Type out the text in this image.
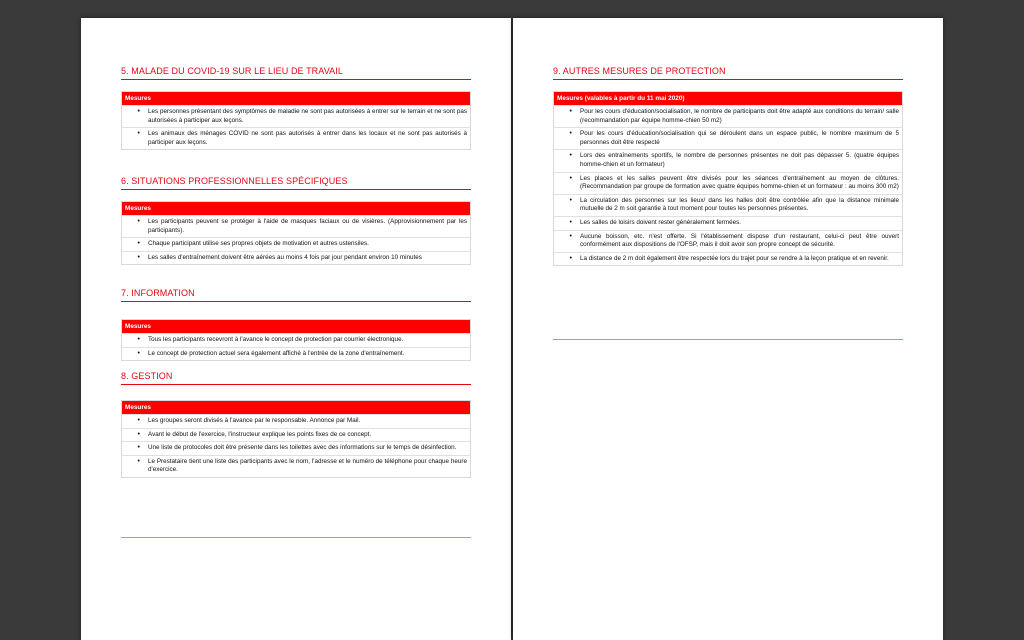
5. MALADE DU COVID-19 SUR LE LIEU DE TRAVAIL
Mesures
•	Les personnes présentant des symptômes de maladie ne sont pas autorisées à entrer sur le terrain et ne sont pas autorisées à participer aux leçons.
•	Les animaux des ménages COVID ne sont pas autorisés à entrer dans les locaux et ne sont pas autorisés à participer aux leçons.
6. SITUATIONS PROFESSIONNELLES SPÉCIFIQUES
Mesures
•	Les participants peuvent se protéger à l'aide de masques faciaux ou de visières. (Approvisionnement par les participants).
•	Chaque participant utilise ses propres objets de motivation et autres ustensiles.
•	Les salles d'entraînement doivent être aérées au moins 4 fois par jour pendant environ 10 minutes
7. INFORMATION
Mesures
•	Tous les participants recevront à l'avance le concept de protection par courrier électronique.
•	Le concept de protection actuel sera également affiché à l'entrée de la zone d'entraînement.
8. GESTION
Mesures
•	Les groupes seront divisés à l'avance par le responsable. Annonce par Mail.
•	Avant le début de l'exercice, l'instructeur explique les points fixes de ce concept.
•	Une liste de protocoles doit être présente dans les toilettes avec des informations sur le temps de désinfection.
•	Le Prestataire tient une liste des participants avec le nom, l'adresse et le numéro de téléphone pour chaque heure d'exercice.
9. AUTRES MESURES DE PROTECTION
Mesures (valables à partir du 11 mai 2020)
•	Pour les cours d'éducation/socialisation, le nombre de participants doit être adapté aux conditions du terrain/ salle (recommandation par équipe homme-chien 50 m2)
•	Pour les cours d'éducation/socialisation qui se déroulent dans un espace public, le nombre maximum de 5 personnes doit être respecté
•	Lors des entraînements sportifs, le nombre de personnes présentes ne doit pas dépasser 5. (quatre équipes homme-chien et un formateur)
•	Les places et les salles peuvent être divisés pour les séances d'entraînement au moyen de clôtures. (Recommandation par groupe de formation avec quatre équipes homme-chien et un formateur : au moins 300 m2)
•	La circulation des personnes sur les lieux/ dans les halles doit être contrôlée afin que la distance minimale mutuelle de 2 m soit garantie à tout moment pour toutes les personnes présentes.
•	Les salles de loisirs doivent rester généralement fermées.
•	Aucune boisson, etc. n'est offerte. Si l'établissement dispose d'un restaurant, celui-ci peut être ouvert conformément aux dispositions de l'OFSP, mais il doit avoir son propre concept de sécurité.
•	La distance de 2 m doit également être respectée lors du trajet pour se rendre à la leçon pratique et en revenir.
